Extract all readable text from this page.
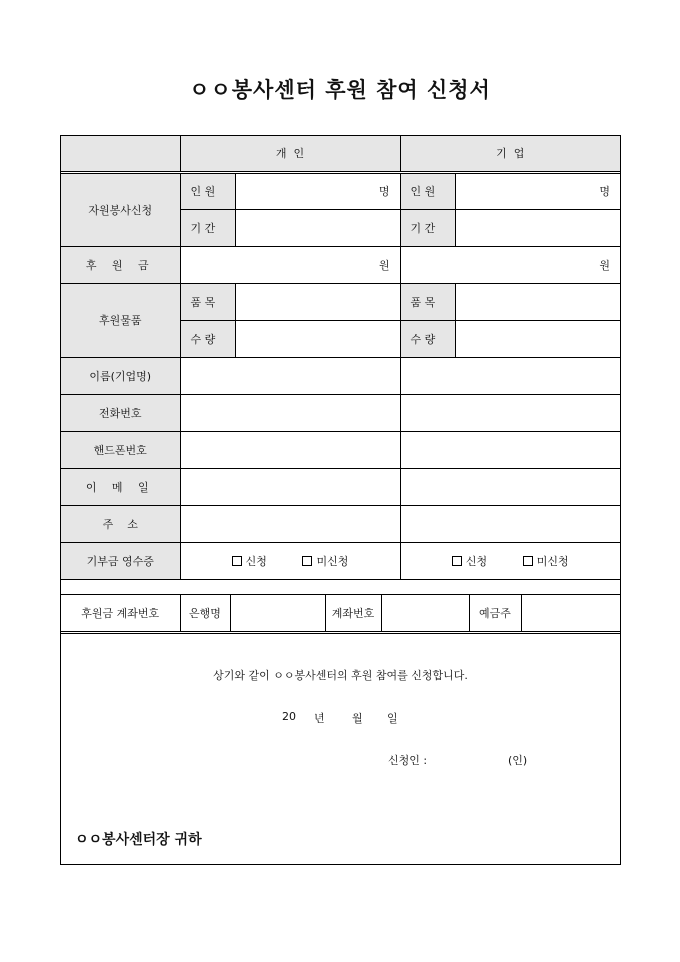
ㅇㅇ봉사센터 후원 참여 신청서
	개  인		기  업	
자원봉사신청	인 원	명	인 원	명
	기 간		기 간	
후 원 금	원		원	
후원물품	품 목		품 목	
	수 량		수 량	
이름(기업명)				
전화번호				
핸드폰번호				
이 메 일				
주    소				
기부금 영수증	신청 미신청		신청 미신청	
후원금 계좌번호	은행명		계좌번호		예금주	
상기와 같이 ㅇㅇ봉사센터의 후원 참여를 신청합니다.
20 년 월 일
신청인 :	(인)
ㅇㅇ봉사센터장 귀하
